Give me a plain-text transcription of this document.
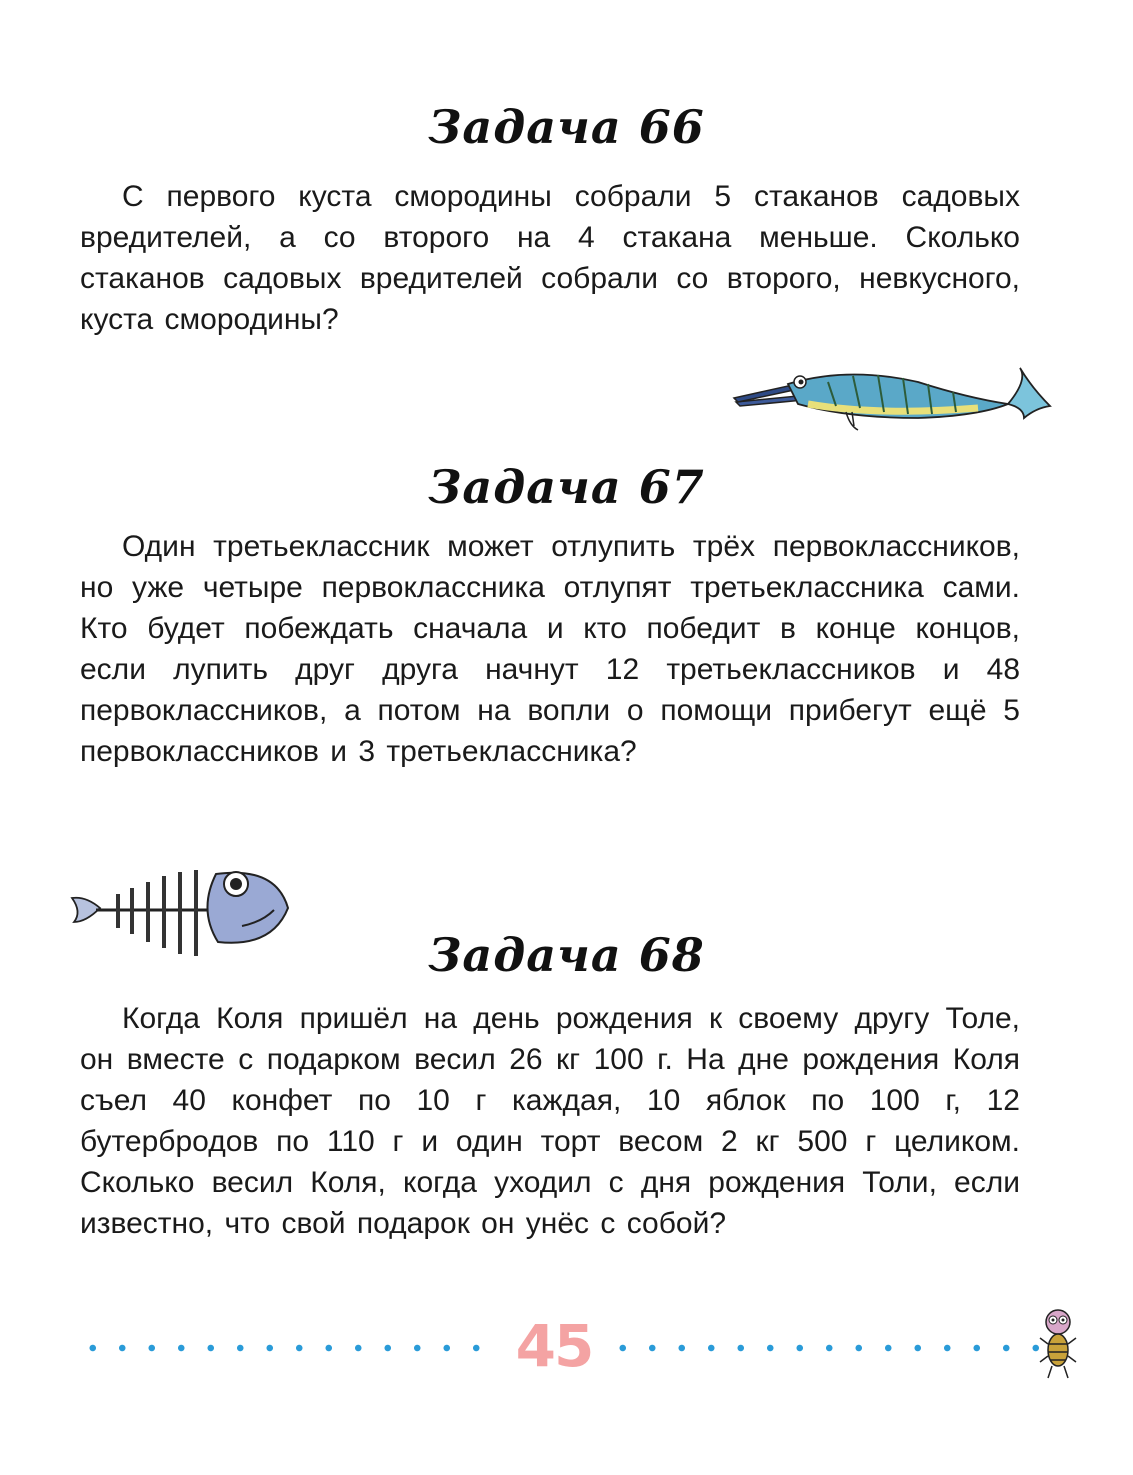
Задача 66

С первого куста смородины собрали 5 стаканов садовых вредителей, а со второго на 4 стакана меньше. Сколько стаканов садовых вредителей собрали со второго, невкусного, куста смородины?

Задача 67

Один третьеклассник может отлупить трёх первоклассников, но уже четыре первоклассника отлупят третьеклассника сами. Кто будет побеждать сначала и кто победит в конце концов, если лупить друг друга начнут 12 третьеклассников и 48 первоклассников, а потом на вопли о помощи прибегут ещё 5 первоклассников и 3 третьеклассника?

Задача 68

Когда Коля пришёл на день рождения к своему другу Толе, он вместе с подарком весил 26 кг 100 г. На дне рождения Коля съел 40 конфет по 10 г каждая, 10 яблок по 100 г, 12 бутербродов по 110 г и один торт весом 2 кг 500 г целиком. Сколько весил Коля, когда уходил с дня рождения Толи, если известно, что свой подарок он унёс с собой?

45
